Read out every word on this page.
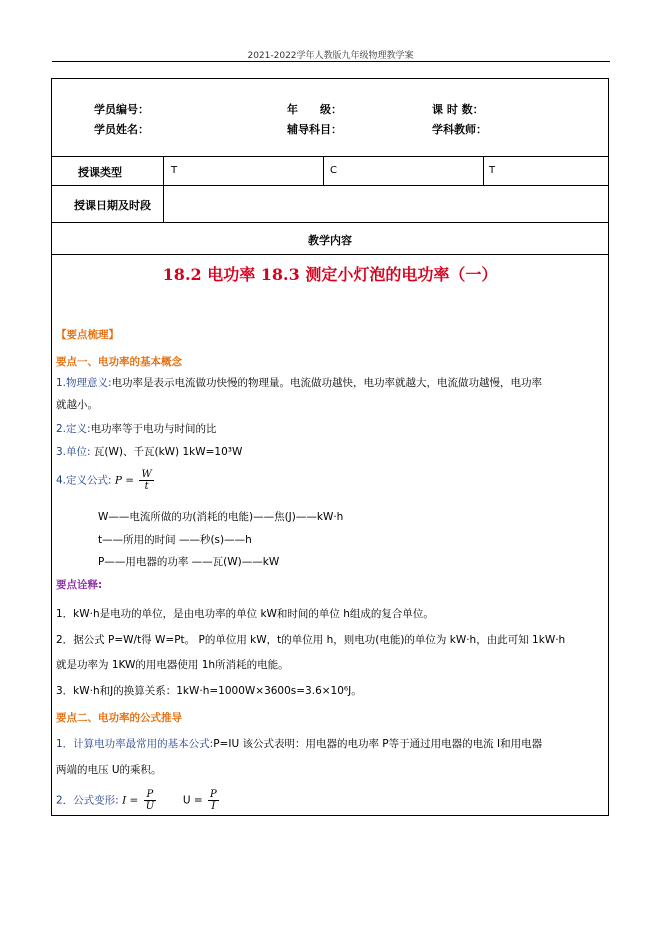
2021-2022学年人教版九年级物理教学案
学员编号：	年　　级：	课 时 数：
学员姓名：	辅导科目：	学科教师：
授课类型	T	C	T
授课日期及时段
教学内容
18.2 电功率 18.3 测定小灯泡的电功率（一）
【要点梳理】
要点一、电功率的基本概念
1.物理意义:电功率是表示电流做功快慢的物理量。电流做功越快，电功率就越大，电流做功越慢，电功率
就越小。
2.定义:电功率等于电功与时间的比
3.单位: 瓦(W)、千瓦(kW) 1kW=10³W
4.定义公式: $P = \frac{W}{t}$
W——电流所做的功(消耗的电能)——焦(J)——kW·h
t——所用的时间 ——秒(s)——h
P——用电器的功率 ——瓦(W)——kW
要点诠释:
1．kW·h是电功的单位，是由电功率的单位 kW和时间的单位 h组成的复合单位。
2．据公式 P=W/t得 W=Pt。 P的单位用 kW，t的单位用 h，则电功(电能)的单位为 kW·h，由此可知 1kW·h
就是功率为 1KW的用电器使用 1h所消耗的电能。
3．kW·h和J的换算关系：1kW·h=1000W×3600s=3.6×10⁶J。
要点二、电功率的公式推导
1．计算电功率最常用的基本公式:P=IU 该公式表明：用电器的电功率 P等于通过用电器的电流 I和用电器
两端的电压 U的乘积。
2．公式变形: $I = \frac{P}{U}$	$U = \frac{P}{I}$
